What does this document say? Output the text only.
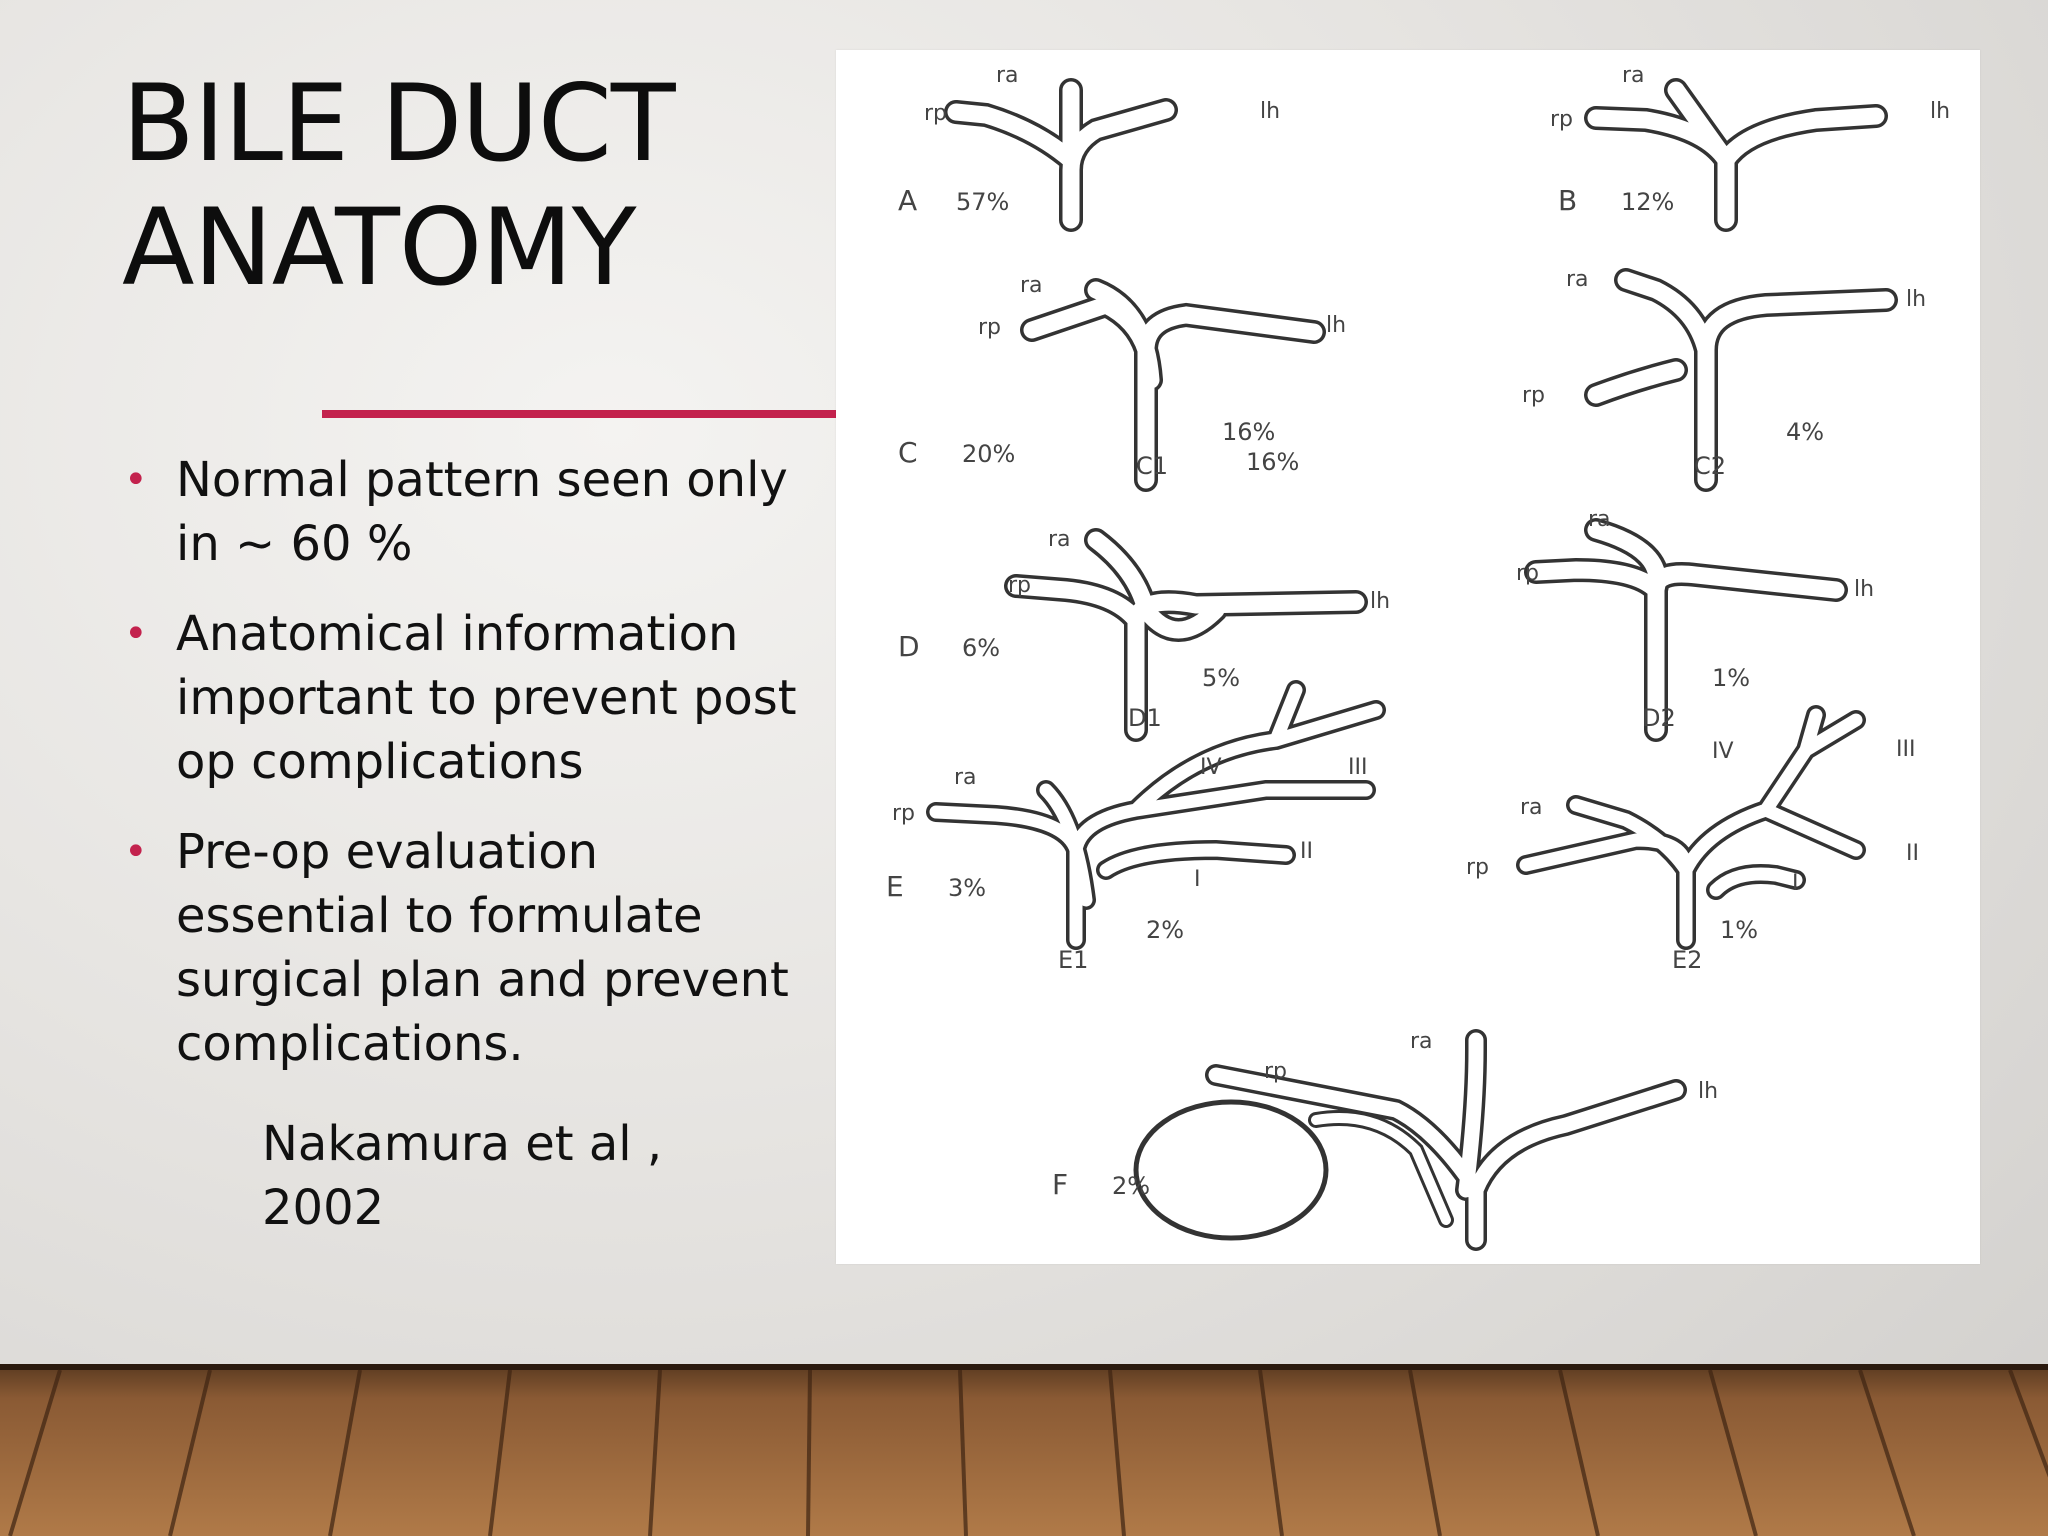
BILE DUCT
ANATOMY
• Normal pattern seen only in ~ 60 %
• Anatomical information important to prevent post op complications
• Pre-op evaluation essential to formulate surgical plan and prevent complications.
Nakamura et al , 2002
ra
rp	lh
A 57%
ra
rp	lh
B 12%
ra
rp	lh
C 20%
16%
C1	16%
ra
lh
rp
4%
C2
ra
rp
lh
D 6%
5%
D1
ra
rp
lh
1%
D2
ra
rp
IV	III
II
I
E 3%
2%
E1
ra
rp
IV	III
II
I
1%
E2
ra
rp
lh
F 2%
